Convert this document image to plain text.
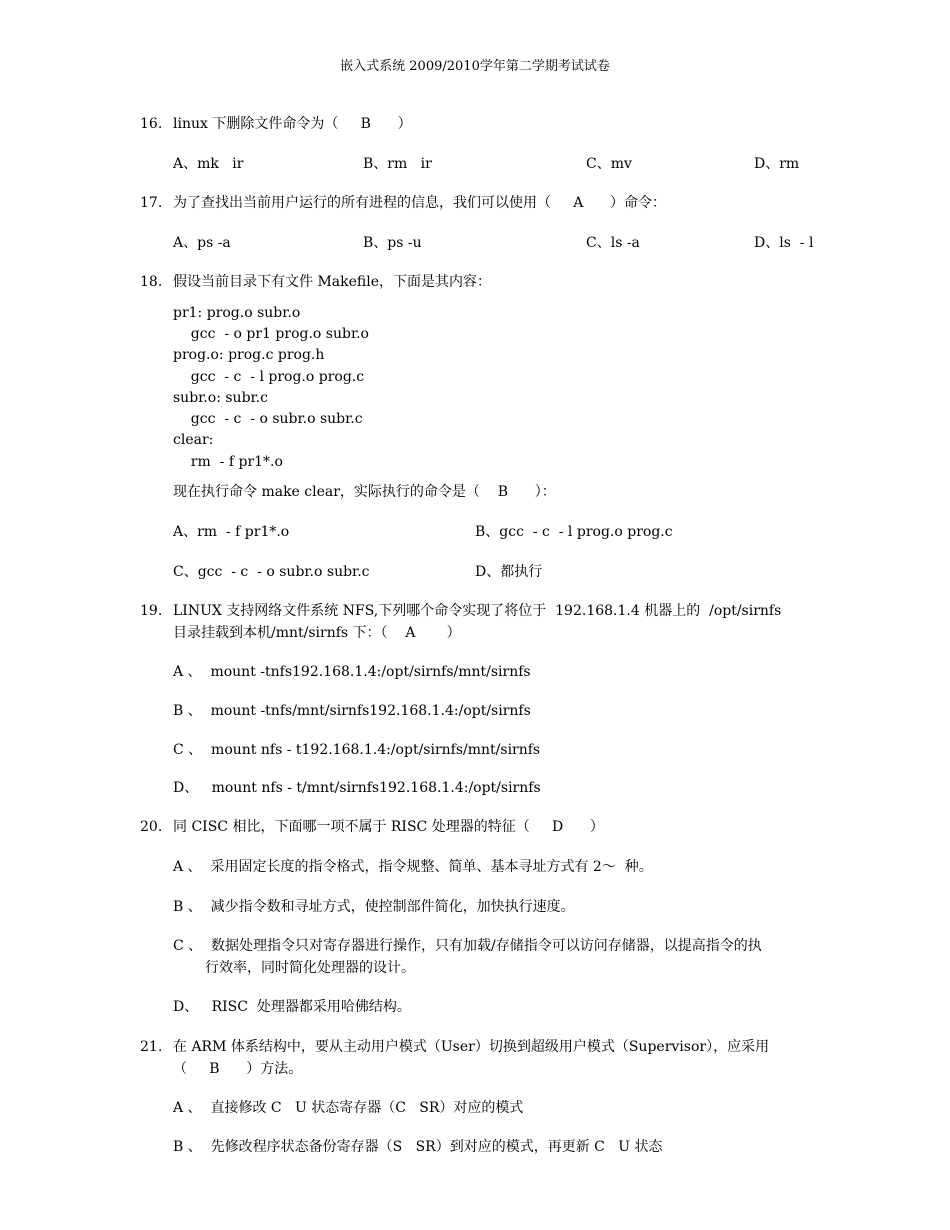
嵌入式系统 2009/2010学年第二学期考试试卷
16. linux 下删除文件命令为（     B      ）
A、mk   ir	B、rm   ir	C、mv	D、rm
17. 为了查找出当前用户运行的所有进程的信息，我们可以使用（     A      ）命令：
A、ps -a	B、ps -u	C、ls -a	D、ls  - l
18. 假设当前目录下有文件 Makefile，下面是其内容：
pr1: prog.o subr.o
gcc  - o pr1 prog.o subr.o
prog.o: prog.c prog.h
gcc  - c  - l prog.o prog.c
subr.o: subr.c
gcc  - c  - o subr.o subr.c
clear:
rm  - f pr1*.o
现在执行命令 make clear，实际执行的命令是（    B      ）：
A、rm  - f pr1*.o	B、gcc  - c  - l prog.o prog.c
C、gcc  - c  - o subr.o subr.c	D、都执行
19. LINUX 支持网络文件系统 NFS,下列哪个命令实现了将位于  192.168.1.4 机器上的  /opt/sirnfs
目录挂载到本机/mnt/sirnfs 下：（    A       ）
A 、  mount -tnfs192.168.1.4:/opt/sirnfs/mnt/sirnfs
B 、  mount -tnfs/mnt/sirnfs192.168.1.4:/opt/sirnfs
C 、  mount nfs - t192.168.1.4:/opt/sirnfs/mnt/sirnfs
D、   mount nfs - t/mnt/sirnfs192.168.1.4:/opt/sirnfs
20. 同 CISC 相比，下面哪一项不属于 RISC 处理器的特征（     D      ）
A 、  采用固定长度的指令格式，指令规整、简单、基本寻址方式有 2～  种。
B 、  减少指令数和寻址方式，使控制部件简化，加快执行速度。
C 、  数据处理指令只对寄存器进行操作，只有加载/存储指令可以访问存储器，以提高指令的执
行效率，同时简化处理器的设计。
D、   RISC  处理器都采用哈佛结构。
21. 在 ARM 体系结构中，要从主动用户模式（User）切换到超级用户模式（Supervisor），应采用
（     B      ）方法。
A 、  直接修改 C   U 状态寄存器（C   SR）对应的模式
B 、  先修改程序状态备份寄存器（S   SR）到对应的模式，再更新 C   U 状态
